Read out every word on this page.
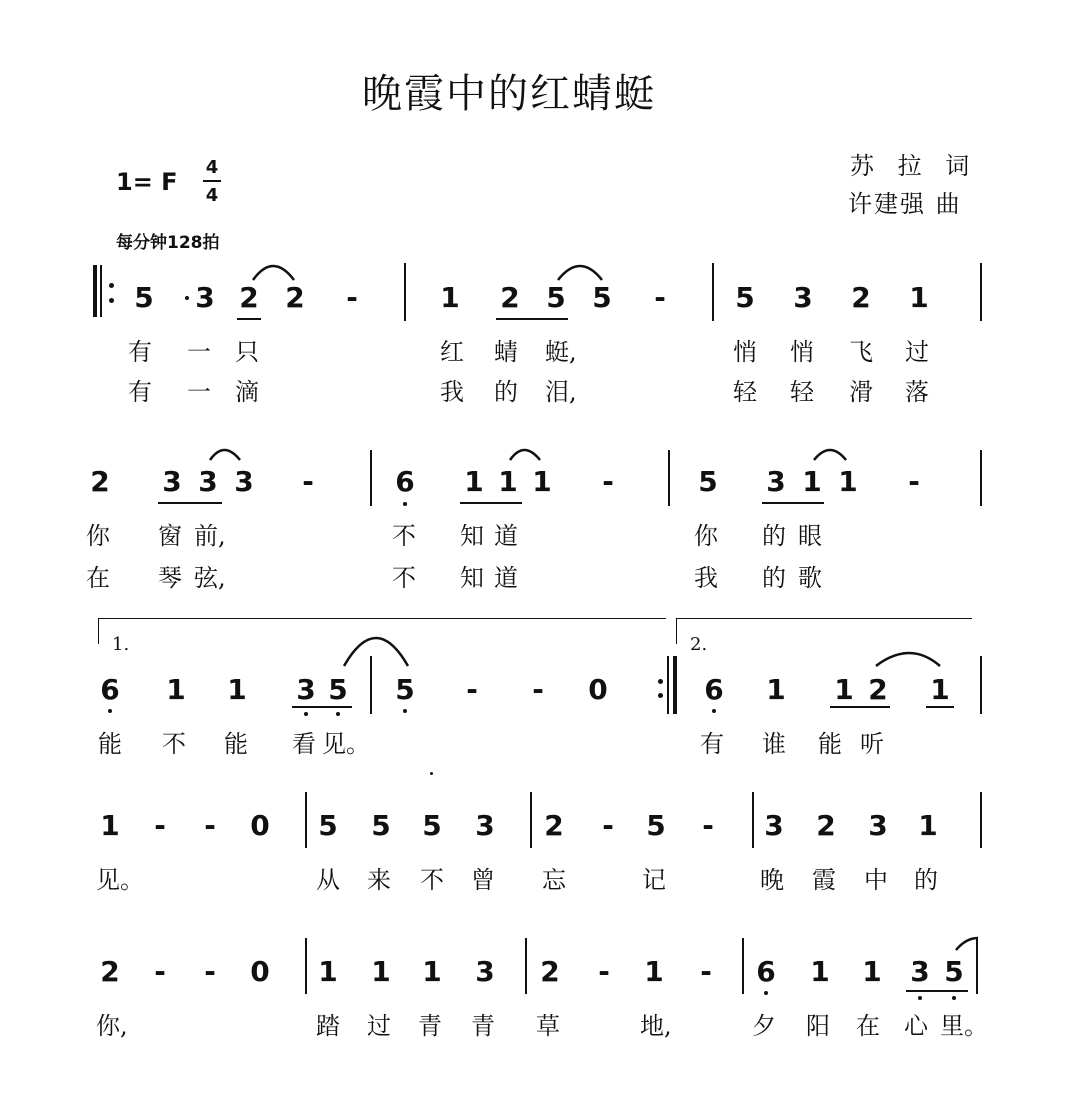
晚霞中的红蜻蜓
苏 拉 词
许建强 曲
1= F
4
4
每分钟128拍
5 3 2 2 -	1 2 5 5 - 5 3 2 1
有 一 只	红 蜻 蜓,	悄 悄 飞 过
有 一 滴	我 的 泪,	轻 轻 滑 落
2 3 3 3 -	6 1 1 1 -	5 3 1 1 -
你 窗 前,	不 知 道	你 的 眼
在 琴 弦,	不 知 道	我 的 歌
1.	2.
6 1 1 3 5 5 - - 0	6 1 1 2 1
能 不 能 看 见。	有 谁 能 听
1 - - 0 5 5 5 3 2 - 5 - 3 2 3 1
见。	从 来 不 曾 忘	记	晚 霞 中 的
2 - - 0 1 1 1 3 2 - 1 - 6 1 1 3 5
你,	踏 过 青 青 草	地,	夕 阳 在 心 里。
